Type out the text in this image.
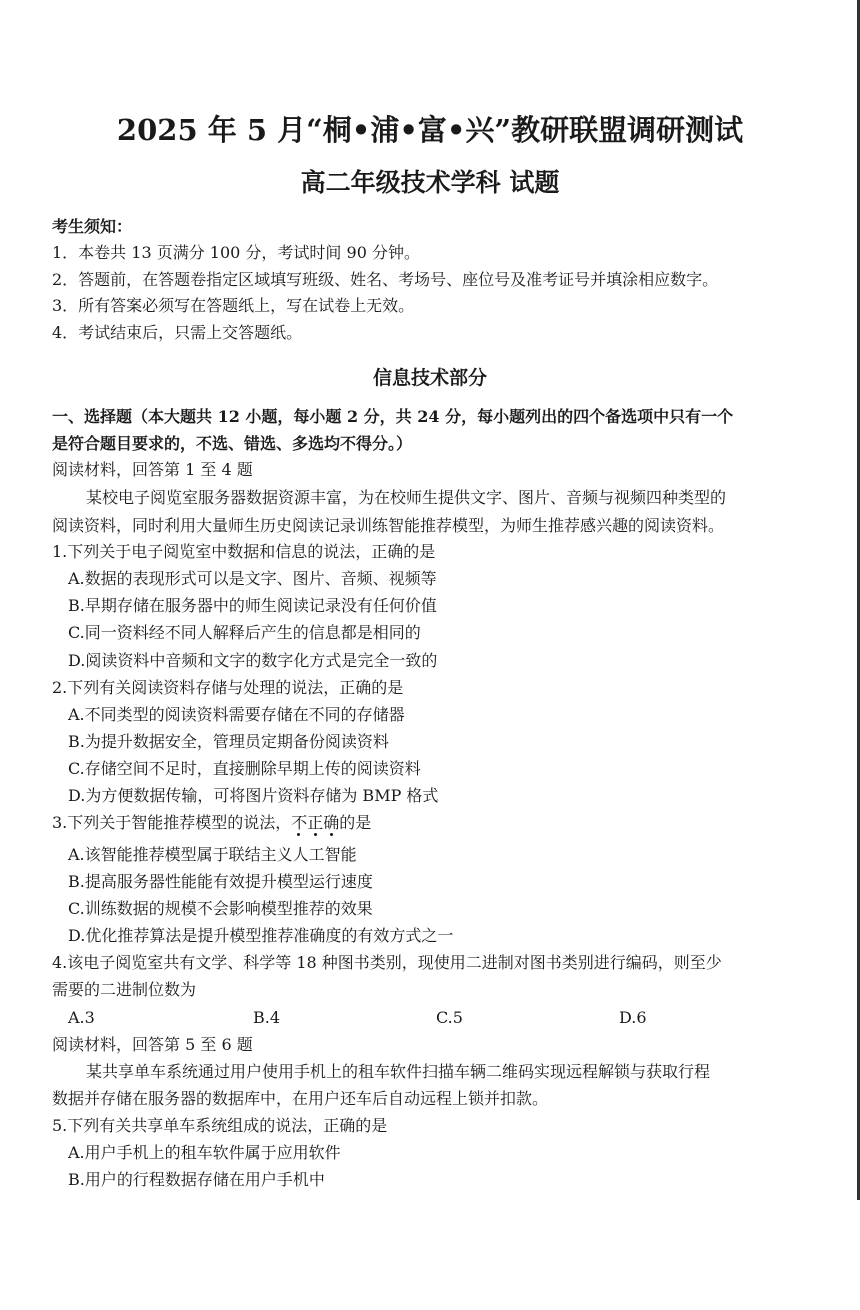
2025 年 5 月“桐•浦•富•兴”教研联盟调研测试
高二年级技术学科 试题
考生须知：
1．本卷共 13 页满分 100 分，考试时间 90 分钟。
2．答题前，在答题卷指定区域填写班级、姓名、考场号、座位号及准考证号并填涂相应数字。
3．所有答案必须写在答题纸上，写在试卷上无效。
4．考试结束后，只需上交答题纸。
信息技术部分
一、选择题（本大题共 12 小题，每小题 2 分，共 24 分，每小题列出的四个备选项中只有一个
是符合题目要求的，不选、错选、多选均不得分。）
阅读材料，回答第 1 至 4 题
某校电子阅览室服务器数据资源丰富，为在校师生提供文字、图片、音频与视频四种类型的
阅读资料，同时利用大量师生历史阅读记录训练智能推荐模型，为师生推荐感兴趣的阅读资料。
1.下列关于电子阅览室中数据和信息的说法，正确的是
A.数据的表现形式可以是文字、图片、音频、视频等
B.早期存储在服务器中的师生阅读记录没有任何价值
C.同一资料经不同人解释后产生的信息都是相同的
D.阅读资料中音频和文字的数字化方式是完全一致的
2.下列有关阅读资料存储与处理的说法，正确的是
A.不同类型的阅读资料需要存储在不同的存储器
B.为提升数据安全，管理员定期备份阅读资料
C.存储空间不足时，直接删除早期上传的阅读资料
D.为方便数据传输，可将图片资料存储为 BMP 格式
3.下列关于智能推荐模型的说法，不正确
的是
A.该智能推荐模型属于联结主义人工智能
B.提高服务器性能能有效提升模型运行速度
C.训练数据的规模不会影响模型推荐的效果
D.优化推荐算法是提升模型推荐准确度的有效方式之一
4.该电子阅览室共有文学、科学等 18 种图书类别，现使用二进制对图书类别进行编码，则至少
需要的二进制位数为
A.3	B.4	C.5	D.6
阅读材料，回答第 5 至 6 题
某共享单车系统通过用户使用手机上的租车软件扫描车辆二维码实现远程解锁与获取行程
数据并存储在服务器的数据库中，在用户还车后自动远程上锁并扣款。
5.下列有关共享单车系统组成的说法，正确的是
A.用户手机上的租车软件属于应用软件
B.用户的行程数据存储在用户手机中
